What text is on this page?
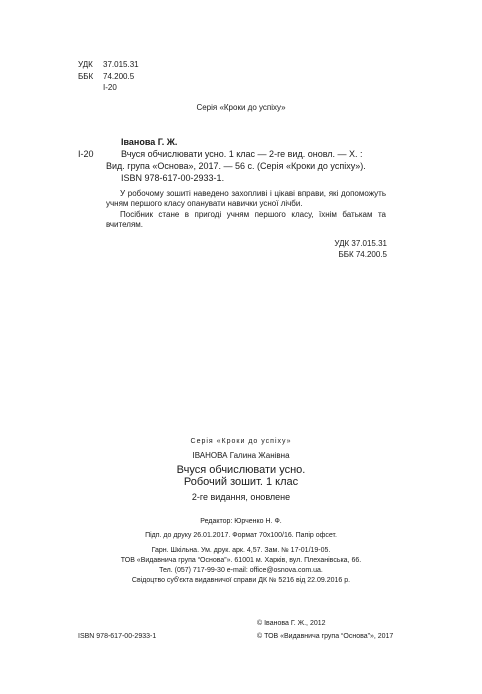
УДК 37.015.31
ББК 74.200.5
І-20
Серія «Кроки до успіху»
І-20
Іванова Г. Ж.
Вчуся обчислювати усно. 1 клас — 2-ге вид. оновл. — Х. :
Вид. група «Основа», 2017. — 56 с. (Серія «Кроки до успіху»).
ISBN 978-617-00-2933-1.
У робочому зошиті наведено захопливі і цікаві вправи, які допоможуть учням першого класу опанувати навички усної лічби.
Посібник стане в пригоді учням першого класу, їхнім батькам та вчителям.
УДК 37.015.31
ББК 74.200.5
Серія «Кроки до успіху»
ІВАНОВА Галина Жанівна
Вчуся обчислювати усно.
Робочий зошит. 1 клас
2-ге видання, оновлене
Редактор: Юрченко Н. Ф.
Підп. до друку 26.01.2017. Формат 70х100/16. Папір офсет.
Гарн. Шкільна. Ум. друк. арк. 4,57. Зам. № 17-01/19-05.
ТОВ «Видавнича група “Основа”». 61001 м. Харків, вул. Плеханівська, 66.
Тел. (057) 717-99-30 e-mail: office@osnova.com.ua.
Свідоцтво суб'єкта видавничої справи ДК № 5216 від 22.09.2016 р.
ISBN 978-617-00-2933-1
© Іванова Г. Ж., 2012
© ТОВ «Видавнича група “Основа”», 2017
